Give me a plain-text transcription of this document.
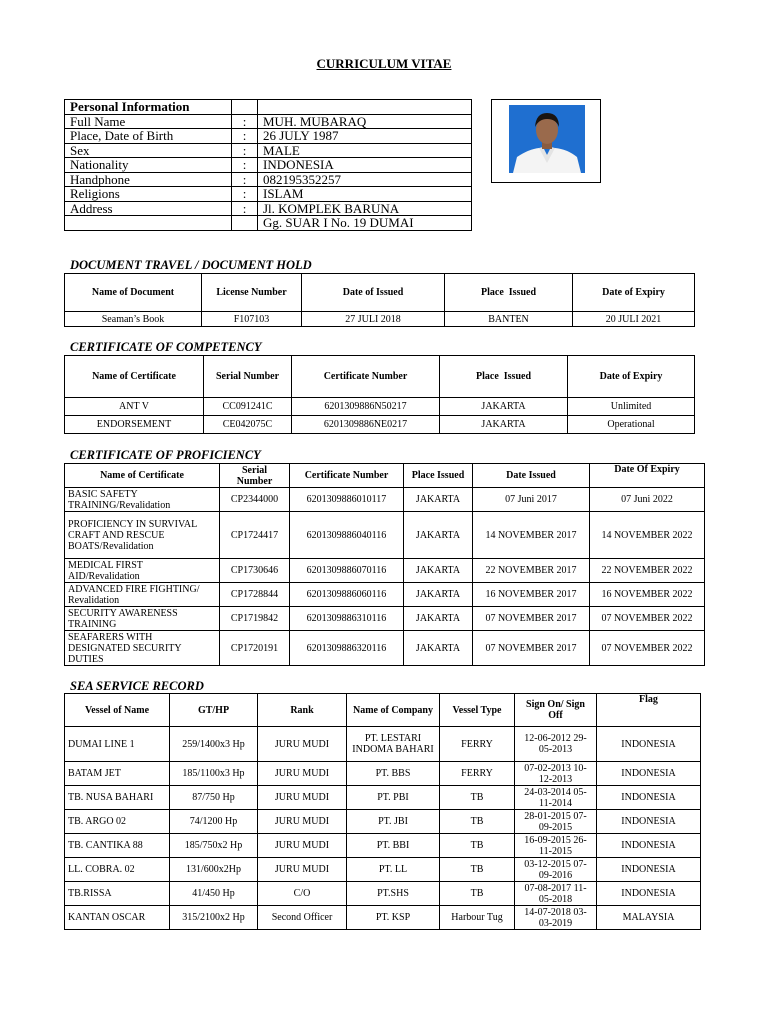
CURRICULUM VITAE
Personal Information		
Full Name	:	MUH. MUBARAQ
Place, Date of Birth	:	26 JULY 1987
Sex	:	MALE
Nationality	:	INDONESIA
Handphone	:	082195352257
Religions	:	ISLAM
Address	:	Jl. KOMPLEK BARUNA
		Gg. SUAR I No. 19 DUMAI
DOCUMENT TRAVEL / DOCUMENT HOLD
Name of Document	License Number	Date of Issued	Place  Issued	Date of Expiry
Seaman’s Book	F107103	27 JULI 2018	BANTEN	20 JULI 2021
CERTIFICATE OF COMPETENCY
Name of Certificate	Serial Number	Certificate Number	Place  Issued	Date of Expiry
ANT V	CC091241C	6201309886N50217	JAKARTA	Unlimited
ENDORSEMENT	CE042075C	6201309886NE0217	JAKARTA	Operational
CERTIFICATE OF PROFICIENCY
Name of Certificate	Serial Number	Certificate Number	Place Issued	Date Issued	Date Of Expiry
BASIC SAFETY TRAINING/Revalidation	CP2344000	6201309886010117	JAKARTA	07 Juni 2017	07 Juni 2022
PROFICIENCY IN SURVIVAL CRAFT AND RESCUE BOATS/Revalidation	CP1724417	6201309886040116	JAKARTA	14 NOVEMBER 2017	14 NOVEMBER 2022
MEDICAL FIRST AID/Revalidation	CP1730646	6201309886070116	JAKARTA	22 NOVEMBER 2017	22 NOVEMBER 2022
ADVANCED FIRE FIGHTING/ Revalidation	CP1728844	6201309886060116	JAKARTA	16 NOVEMBER 2017	16 NOVEMBER 2022
SECURITY AWARENESS TRAINING	CP1719842	6201309886310116	JAKARTA	07 NOVEMBER 2017	07 NOVEMBER 2022
SEAFARERS WITH DESIGNATED SECURITY DUTIES	CP1720191	6201309886320116	JAKARTA	07 NOVEMBER 2017	07 NOVEMBER 2022
SEA SERVICE RECORD
Vessel of Name	GT/HP	Rank	Name of Company	Vessel Type	Sign On/ Sign Off	Flag
DUMAI LINE 1	259/1400x3 Hp	JURU MUDI	PT. LESTARI INDOMA BAHARI	FERRY	12-06-2012 29-05-2013	INDONESIA
BATAM JET	185/1100x3 Hp	JURU MUDI	PT. BBS	FERRY	07-02-2013 10-12-2013	INDONESIA
TB. NUSA BAHARI	87/750 Hp	JURU MUDI	PT. PBI	TB	24-03-2014 05-11-2014	INDONESIA
TB. ARGO 02	74/1200 Hp	JURU MUDI	PT. JBI	TB	28-01-2015 07-09-2015	INDONESIA
TB. CANTIKA 88	185/750x2 Hp	JURU MUDI	PT. BBI	TB	16-09-2015 26-11-2015	INDONESIA
LL. COBRA. 02	131/600x2Hp	JURU MUDI	PT. LL	TB	03-12-2015 07-09-2016	INDONESIA
TB.RISSA	41/450 Hp	C/O	PT.SHS	TB	07-08-2017 11-05-2018	INDONESIA
KANTAN OSCAR	315/2100x2 Hp	Second Officer	PT. KSP	Harbour Tug	14-07-2018 03-03-2019	MALAYSIA
